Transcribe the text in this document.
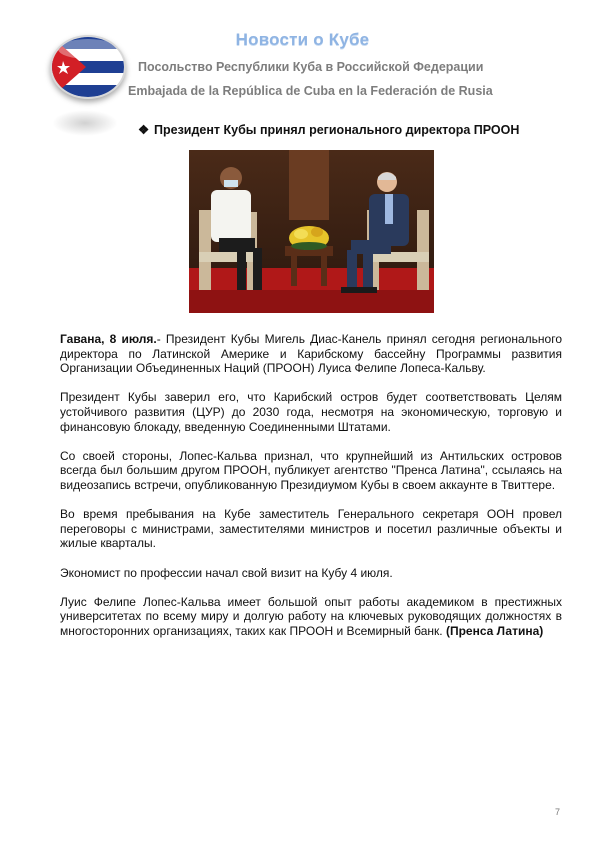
Новости о Кубе
Посольство Республики Куба в Российской Федерации
Embajada de la República de Cuba en la Federación de Rusia
❖ Президент Кубы принял регионального директора ПРООН

Гавана, 8 июля.- Президент Кубы Мигель Диас-Канель принял сегодня регионального директора по Латинской Америке и Карибскому бассейну Программы развития Организации Объединенных Наций (ПРООН) Луиса Фелипе Лопеса-Кальву.

Президент Кубы заверил его, что Карибский остров будет соответствовать Целям устойчивого развития (ЦУР) до 2030 года, несмотря на экономическую, торговую и финансовую блокаду, введенную Соединенными Штатами.

Со своей стороны, Лопес-Кальва признал, что крупнейший из Антильских островов всегда был большим другом ПРООН, публикует агентство "Пренса Латина", ссылаясь на видеозапись встречи, опубликованную Президиумом Кубы в своем аккаунте в Твиттере.

Во время пребывания на Кубе заместитель Генерального секретаря ООН провел переговоры с министрами, заместителями министров и посетил различные объекты и жилые кварталы.

Экономист по профессии начал свой визит на Кубу 4 июля.

Луис Фелипе Лопес-Кальва имеет большой опыт работы академиком в престижных университетах по всему миру и долгую работу на ключевых руководящих должностях в многосторонних организациях, таких как ПРООН и Всемирный банк. (Пренса Латина)

7
